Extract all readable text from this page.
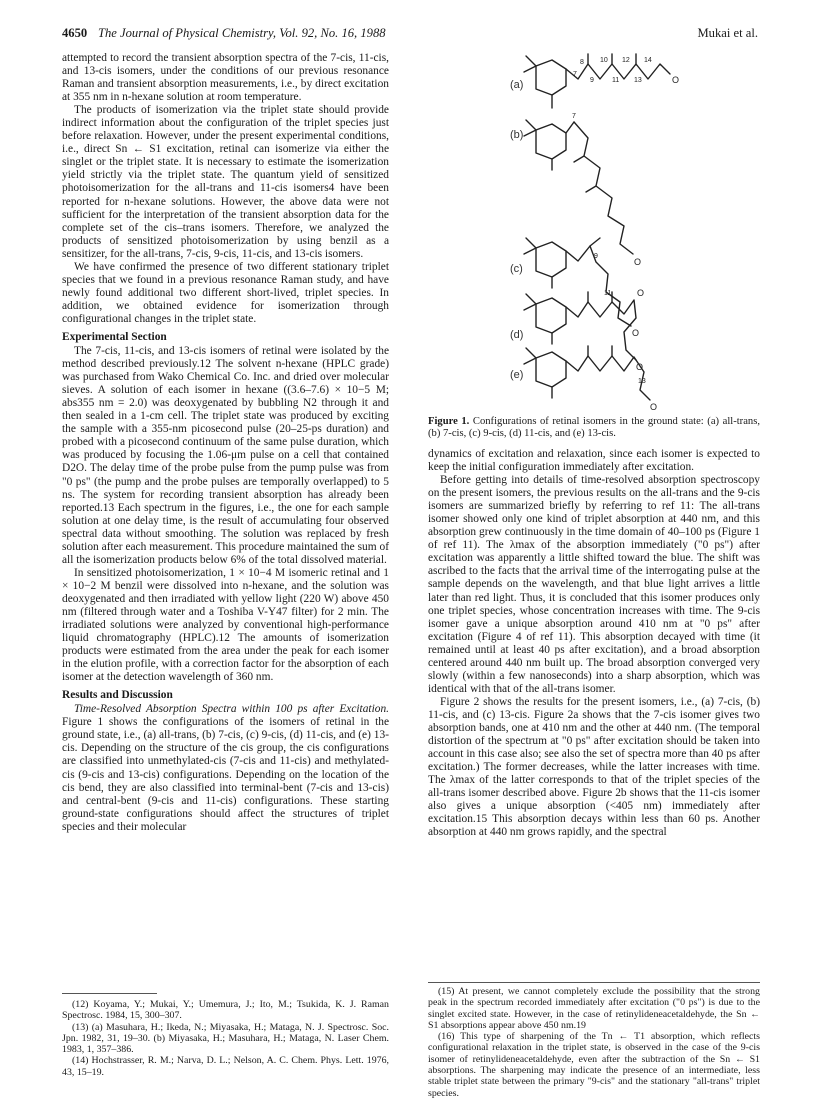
4650 The Journal of Physical Chemistry, Vol. 92, No. 16, 1988	Mukai et al.

attempted to record the transient absorption spectra of the 7-cis, 11-cis, and 13-cis isomers, under the conditions of our previous resonance Raman and transient absorption measurements, i.e., by direct excitation at 355 nm in n-hexane solution at room temperature.

The products of isomerization via the triplet state should provide indirect information about the configuration of the triplet species just before relaxation. However, under the present experimental conditions, i.e., direct Sn ← S1 excitation, retinal can isomerize via either the singlet or the triplet state. It is necessary to estimate the isomerization yield strictly via the triplet state. The quantum yield of sensitized photoisomerization for the all-trans and 11-cis isomers4 have been reported for n-hexane solutions. However, the above data were not sufficient for the interpretation of the transient absorption data for the complete set of the cis–trans isomers. Therefore, we analyzed the products of sensitized photoisomerization by using benzil as a sensitizer, for the all-trans, 7-cis, 9-cis, 11-cis, and 13-cis isomers.

We have confirmed the presence of two different stationary triplet species that we found in a previous resonance Raman study, and have newly found additional two different short-lived, triplet species. In addition, we obtained evidence for isomerization through configurational changes in the triplet state.

Experimental Section

The 7-cis, 11-cis, and 13-cis isomers of retinal were isolated by the method described previously.12 The solvent n-hexane (HPLC grade) was purchased from Wako Chemical Co. Inc. and dried over molecular sieves. A solution of each isomer in hexane ((3.6–7.6) × 10−5 M; abs355 nm = 2.0) was deoxygenated by bubbling N2 through it and then sealed in a 1-cm cell. The triplet state was produced by exciting the sample with a 355-nm picosecond pulse (20–25-ps duration) and probed with a picosecond continuum of the same pulse duration, which was produced by focusing the 1.06-μm pulse on a cell that contained D2O. The delay time of the probe pulse from the pump pulse was from "0 ps" (the pump and the probe pulses are temporally overlapped) to 5 ns. The system for recording transient absorption has already been reported.13 Each spectrum in the figures, i.e., the one for each sample solution at one delay time, is the result of accumulating four observed spectral data without smoothing. The solution was replaced by fresh solution after each measurement. This procedure maintained the sum of all the isomerization products below 6% of the total dissolved material.

In sensitized photoisomerization, 1 × 10−4 M isomeric retinal and 1 × 10−2 M benzil were dissolved into n-hexane, and the solution was deoxygenated and then irradiated with yellow light (220 W) above 450 nm (filtered through water and a Toshiba V-Y47 filter) for 2 min. The irradiated solutions were analyzed by conventional high-performance liquid chromatography (HPLC).12 The amounts of isomerization products were estimated from the area under the peak for each isomer in the elution profile, with a correction factor for the absorption of each isomer at the detection wavelength of 360 nm.

Results and Discussion

Time-Resolved Absorption Spectra within 100 ps after Excitation. Figure 1 shows the configurations of the isomers of retinal in the ground state, i.e., (a) all-trans, (b) 7-cis, (c) 9-cis, (d) 11-cis, and (e) 13-cis. Depending on the structure of the cis group, the cis configurations are classified into unmethylated-cis (7-cis and 11-cis) and methylated-cis (9-cis and 13-cis) configurations. Depending on the location of the cis bend, they are also classified into terminal-bent (7-cis and 13-cis) and central-bent (9-cis and 11-cis) configurations. These starting ground-state configurations should affect the structures of triplet species and their molecular

(12) Koyama, Y.; Mukai, Y.; Umemura, J.; Ito, M.; Tsukida, K. J. Raman Spectrosc. 1984, 15, 300–307.

(13) (a) Masuhara, H.; Ikeda, N.; Miyasaka, H.; Mataga, N. J. Spectrosc. Soc. Jpn. 1982, 31, 19–30. (b) Miyasaka, H.; Masuhara, H.; Mataga, N. Laser Chem. 1983, 1, 357–386.

(14) Hochstrasser, R. M.; Narva, D. L.; Nelson, A. C. Chem. Phys. Lett. 1976, 43, 15–19.

(a)
7
8
9
10
11
12
13
14
O
(b)
7
O
(c)
9
O
(d)
11	O
O
(e)
13
O
Figure 1. Configurations of retinal isomers in the ground state: (a) all-trans, (b) 7-cis, (c) 9-cis, (d) 11-cis, and (e) 13-cis.

dynamics of excitation and relaxation, since each isomer is expected to keep the initial configuration immediately after excitation.

Before getting into details of time-resolved absorption spectroscopy on the present isomers, the previous results on the all-trans and the 9-cis isomers are summarized briefly by referring to ref 11: The all-trans isomer showed only one kind of triplet absorption at 440 nm, and this absorption grew continuously in the time domain of 40–100 ps (Figure 1 of ref 11). The λmax of the absorption immediately ("0 ps") after excitation was apparently a little shifted toward the blue. The shift was ascribed to the facts that the arrival time of the interrogating pulse at the sample depends on the wavelength, and that blue light arrives a little later than red light. Thus, it is concluded that this isomer produces only one triplet species, whose concentration increases with time. The 9-cis isomer gave a unique absorption around 410 nm at "0 ps" after excitation (Figure 4 of ref 11). This absorption decayed with time (it remained until at least 40 ps after excitation), and a broad absorption centered around 440 nm built up. The broad absorption converged very slowly (within a few nanoseconds) into a sharp absorption, which was identical with that of the all-trans isomer.

Figure 2 shows the results for the present isomers, i.e., (a) 7-cis, (b) 11-cis, and (c) 13-cis. Figure 2a shows that the 7-cis isomer gives two absorption bands, one at 410 nm and the other at 440 nm. (The temporal distortion of the spectrum at "0 ps" after excitation should be taken into account in this case also; see also the set of spectra more than 40 ps after excitation.) The former decreases, while the latter increases with time. The λmax of the latter corresponds to that of the triplet species of the all-trans isomer described above. Figure 2b shows that the 11-cis isomer also gives a unique absorption (<405 nm) immediately after excitation.15 This absorption decays within less than 60 ps. Another absorption at 440 nm grows rapidly, and the spectral

(15) At present, we cannot completely exclude the possibility that the strong peak in the spectrum recorded immediately after excitation ("0 ps") is due to the singlet excited state. However, in the case of retinylideneacetaldehyde, the Sn ← S1 absorptions appear above 450 nm.19

(16) This type of sharpening of the Tn ← T1 absorption, which reflects configurational relaxation in the triplet state, is observed in the case of the 9-cis isomer of retinylideneacetaldehyde, even after the subtraction of the Sn ← S1 absorptions. The sharpening may indicate the presence of an intermediate, less stable triplet state between the primary "9-cis" and the stationary "all-trans" triplet species.
